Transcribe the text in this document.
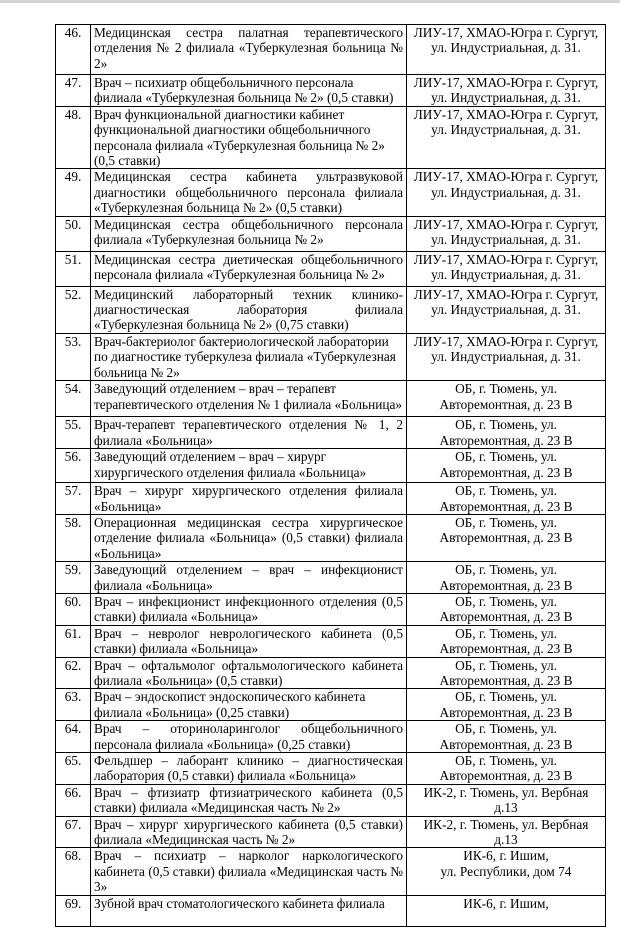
46.	Медицинская сестра палатная терапевтического отделения № 2 филиала «Туберкулезная больница № 2»	ЛИУ-17, ХМАО-Югра г. Сургут,
ул. Индустриальная, д. 31.

47.	Врач – психиатр общебольничного персонала филиала «Туберкулезная больница № 2» (0,5 ставки)	ЛИУ-17, ХМАО-Югра г. Сургут,
ул. Индустриальная, д. 31.

48.	Врач функциональной диагностики кабинет функциональной диагностики общебольничного персонала филиала «Туберкулезная больница № 2» (0,5 ставки)	ЛИУ-17, ХМАО-Югра г. Сургут,
ул. Индустриальная, д. 31.

49.	Медицинская сестра кабинета ультразвуковой диагностики общебольничного персонала филиала «Туберкулезная больница № 2» (0,5 ставки)	ЛИУ-17, ХМАО-Югра г. Сургут,
ул. Индустриальная, д. 31.

50.	Медицинская сестра общебольничного персонала филиала «Туберкулезная больница № 2»	ЛИУ-17, ХМАО-Югра г. Сургут,
ул. Индустриальная, д. 31.

51.	Медицинская сестра диетическая общебольничного персонала филиала «Туберкулезная больница № 2»	ЛИУ-17, ХМАО-Югра г. Сургут,
ул. Индустриальная, д. 31.

52.	Медицинский лабораторный техник клинико-диагностическая лаборатория филиала «Туберкулезная больница № 2» (0,75 ставки)	ЛИУ-17, ХМАО-Югра г. Сургут,
ул. Индустриальная, д. 31.

53.	Врач-бактериолог бактериологической лаборатории по диагностике туберкулеза филиала «Туберкулезная больница № 2»	ЛИУ-17, ХМАО-Югра г. Сургут,
ул. Индустриальная, д. 31.

54.	Заведующий отделением – врач – терапевт терапевтического отделения № 1 филиала «Больница»	ОБ, г. Тюмень, ул.
Авторемонтная, д. 23 В

55.	Врач-терапевт терапевтического отделения № 1, 2 филиала «Больница»	ОБ, г. Тюмень, ул.
Авторемонтная, д. 23 В

56.	Заведующий отделением – врач – хирург хирургического отделения филиала «Больница»	ОБ, г. Тюмень, ул.
Авторемонтная, д. 23 В

57.	Врач – хирург хирургического отделения филиала «Больница»	ОБ, г. Тюмень, ул.
Авторемонтная, д. 23 В

58.	Операционная медицинская сестра хирургическое отделение филиала «Больница» (0,5 ставки) филиала «Больница»	ОБ, г. Тюмень, ул.
Авторемонтная, д. 23 В

59.	Заведующий отделением – врач – инфекционист филиала «Больница»	ОБ, г. Тюмень, ул.
Авторемонтная, д. 23 В

60.	Врач – инфекционист инфекционного отделения (0,5 ставки) филиала «Больница»	ОБ, г. Тюмень, ул.
Авторемонтная, д. 23 В

61.	Врач – невролог неврологического кабинета (0,5 ставки) филиала «Больница»	ОБ, г. Тюмень, ул.
Авторемонтная, д. 23 В

62.	Врач – офтальмолог офтальмологического кабинета филиала «Больница» (0,5 ставки)	ОБ, г. Тюмень, ул.
Авторемонтная, д. 23 В

63.	Врач – эндоскопист эндоскопического кабинета филиала «Больница» (0,25 ставки)	ОБ, г. Тюмень, ул.
Авторемонтная, д. 23 В

64.	Врач – оториноларинголог общебольничного персонала филиала «Больница» (0,25 ставки)	ОБ, г. Тюмень, ул.
Авторемонтная, д. 23 В

65.	Фельдшер – лаборант клинико – диагностическая лаборатория (0,5 ставки) филиала «Больница»	ОБ, г. Тюмень, ул.
Авторемонтная, д. 23 В

66.	Врач – фтизиатр фтизиатрического кабинета (0,5 ставки) филиала «Медицинская часть № 2»	ИК-2, г. Тюмень, ул. Вербная
д.13

67.	Врач – хирург хирургического кабинета (0,5 ставки) филиала «Медицинская часть № 2»	ИК-2, г. Тюмень, ул. Вербная
д.13

68.	Врач – психиатр – нарколог наркологического кабинета (0,5 ставки) филиала «Медицинская часть № 3»	ИК-6, г. Ишим,
ул. Республики, дом 74

69.	Зубной врач стоматологического кабинета филиала	ИК-6, г. Ишим,
